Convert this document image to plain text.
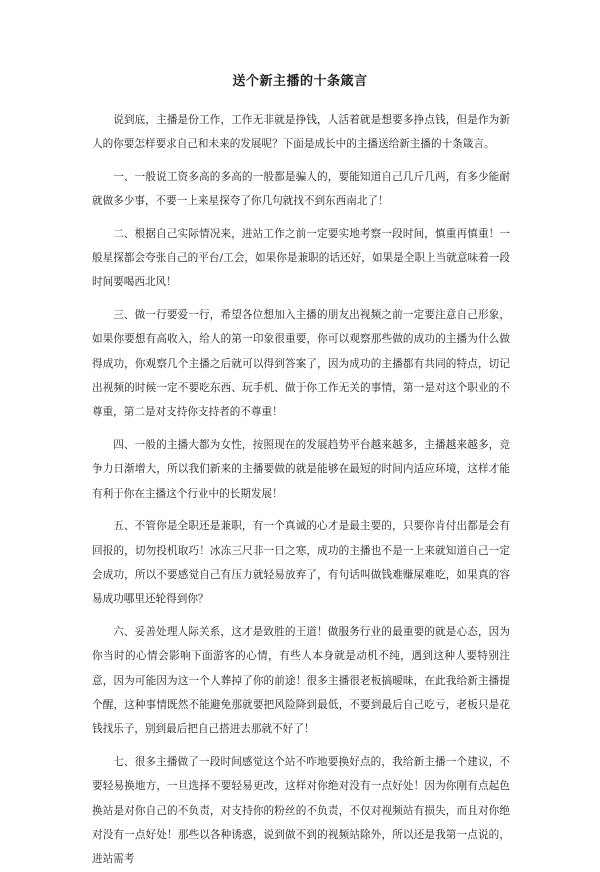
送个新主播的十条箴言

说到底，主播是份工作，工作无非就是挣钱，人活着就是想要多挣点钱，但是作为新人的你要怎样要求自己和未来的发展呢？下面是成长中的主播送给新主播的十条箴言。

一、一般说工资多高的多高的一般都是骗人的，要能知道自己几斤几两，有多少能耐就做多少事，不要一上来星探夸了你几句就找不到东西南北了！

二、根据自己实际情况来，进站工作之前一定要实地考察一段时间，慎重再慎重！一般星探都会夸张自己的平台/工会，如果你是兼职的话还好，如果是全职上当就意味着一段时间要喝西北风！

三、做一行要爱一行，希望各位想加入主播的朋友出视频之前一定要注意自己形象，如果你要想有高收入，给人的第一印象很重要，你可以观察那些做的成功的主播为什么做得成功，你观察几个主播之后就可以得到答案了，因为成功的主播都有共同的特点，切记出视频的时候一定不要吃东西、玩手机、做于你工作无关的事情，第一是对这个职业的不尊重，第二是对支持你支持者的不尊重！

四、一般的主播大都为女性，按照现在的发展趋势平台越来越多，主播越来越多，竞争力日渐增大，所以我们新来的主播要做的就是能够在最短的时间内适应环境，这样才能有利于你在主播这个行业中的长期发展！

五、不管你是全职还是兼职，有一个真诚的心才是最主要的，只要你肯付出都是会有回报的，切勿投机取巧！冰冻三尺非一日之寒，成功的主播也不是一上来就知道自己一定会成功，所以不要感觉自己有压力就轻易放弃了，有句话叫做钱难赚屎难吃，如果真的容易成功哪里还轮得到你？

六、妥善处理人际关系，这才是致胜的王道！做服务行业的最重要的就是心态，因为你当时的心情会影响下面游客的心情，有些人本身就是动机不纯，遇到这种人要特别注意，因为可能因为这一个人葬掉了你的前途！很多主播很老板搞暧昧，在此我给新主播提个醒，这种事情既然不能避免那就要把风险降到最低，不要到最后自己吃亏，老板只是花钱找乐子，别到最后把自己搭进去那就不好了！

七、很多主播做了一段时间感觉这个站不咋地要换好点的，我给新主播一个建议，不要轻易换地方，一旦选择不要轻易更改，这样对你绝对没有一点好处！因为你刚有点起色换站是对你自己的不负责，对支持你的粉丝的不负责，不仅对视频站有损失，而且对你绝对没有一点好处！那些以各种诱惑，说到做不到的视频站除外，所以还是我第一点说的，进站需考
